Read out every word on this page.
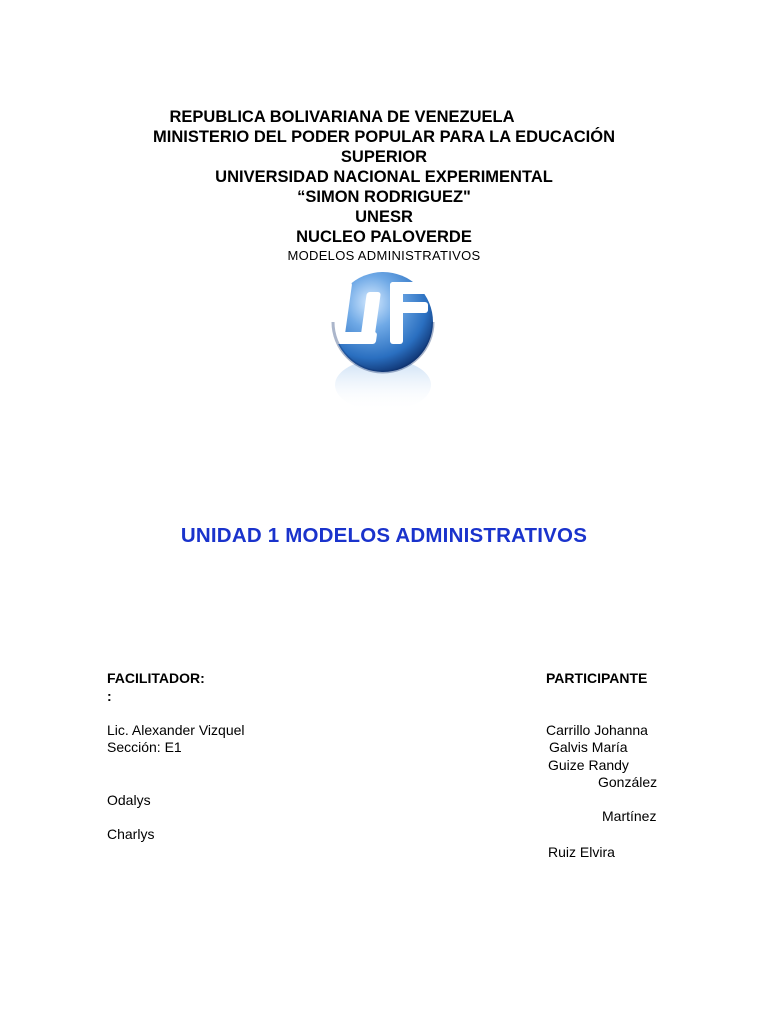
REPUBLICA BOLIVARIANA DE VENEZUELA
MINISTERIO DEL PODER POPULAR PARA LA EDUCACIÓN
SUPERIOR
UNIVERSIDAD NACIONAL EXPERIMENTAL
“SIMON RODRIGUEZ"
UNESR
NUCLEO PALOVERDE
MODELOS ADMINISTRATIVOS
UNIDAD 1 MODELOS ADMINISTRATIVOS
FACILITADOR:
:
Lic. Alexander Vizquel
Sección: E1
Odalys
Charlys
PARTICIPANTE
Carrillo Johanna
Galvis María
Guize Randy
González
Martínez
Ruiz Elvira
